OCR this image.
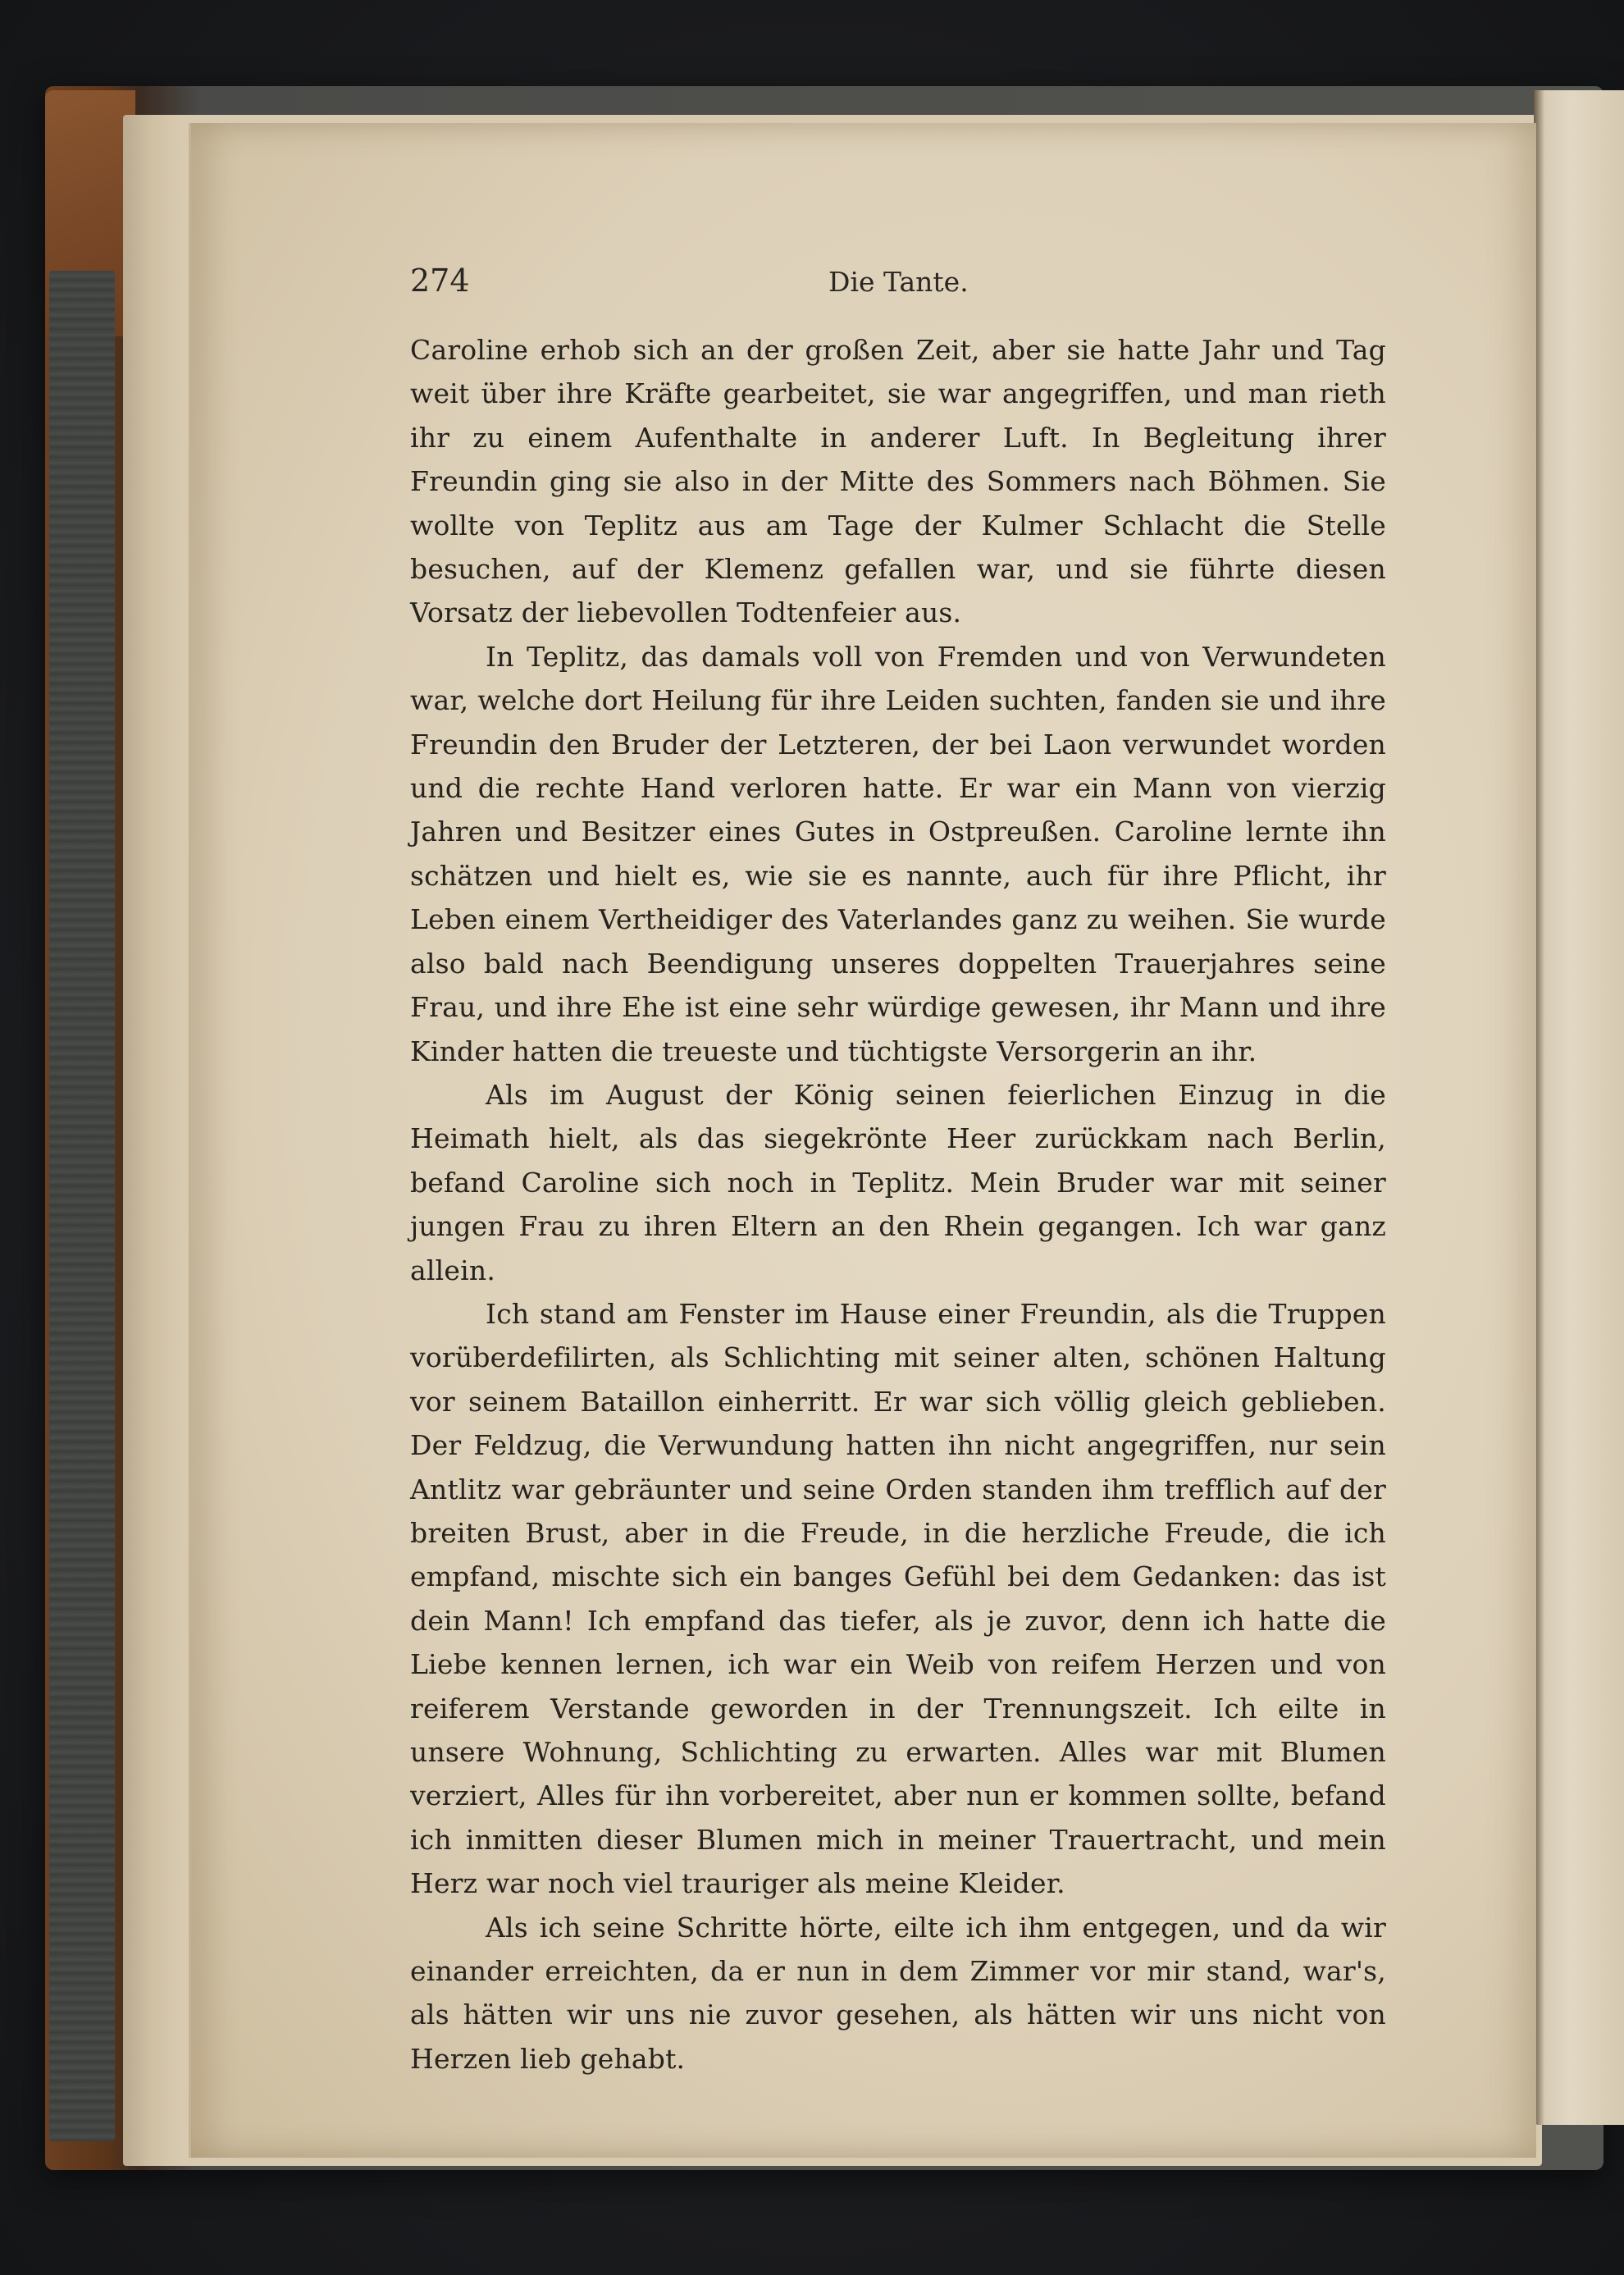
274	Die Tante.

Caroline erhob sich an der großen Zeit, aber sie hatte Jahr und Tag weit über ihre Kräfte gearbeitet, sie war angegriffen, und man rieth ihr zu einem Aufenthalte in anderer Luft. In Begleitung ihrer Freundin ging sie also in der Mitte des Sommers nach Böhmen. Sie wollte von Teplitz aus am Tage der Kulmer Schlacht die Stelle besuchen, auf der Klemenz gefallen war, und sie führte diesen Vorsatz der liebevollen Todtenfeier aus.

In Teplitz, das damals voll von Fremden und von Verwundeten war, welche dort Heilung für ihre Leiden suchten, fanden sie und ihre Freundin den Bruder der Letzteren, der bei Laon verwundet worden und die rechte Hand verloren hatte. Er war ein Mann von vierzig Jahren und Besitzer eines Gutes in Ostpreußen. Caroline lernte ihn schätzen und hielt es, wie sie es nannte, auch für ihre Pflicht, ihr Leben einem Vertheidiger des Vaterlandes ganz zu weihen. Sie wurde also bald nach Beendigung unseres doppelten Trauerjahres seine Frau, und ihre Ehe ist eine sehr würdige gewesen, ihr Mann und ihre Kinder hatten die treueste und tüchtigste Versorgerin an ihr.

Als im August der König seinen feierlichen Einzug in die Heimath hielt, als das siegekrönte Heer zurückkam nach Berlin, befand Caroline sich noch in Teplitz. Mein Bruder war mit seiner jungen Frau zu ihren Eltern an den Rhein gegangen. Ich war ganz allein.

Ich stand am Fenster im Hause einer Freundin, als die Truppen vorüberdefilirten, als Schlichting mit seiner alten, schönen Haltung vor seinem Bataillon einherritt. Er war sich völlig gleich geblieben. Der Feldzug, die Verwundung hatten ihn nicht angegriffen, nur sein Antlitz war gebräunter und seine Orden standen ihm trefflich auf der breiten Brust, aber in die Freude, in die herzliche Freude, die ich empfand, mischte sich ein banges Gefühl bei dem Gedanken: das ist dein Mann! Ich empfand das tiefer, als je zuvor, denn ich hatte die Liebe kennen lernen, ich war ein Weib von reifem Herzen und von reiferem Verstande geworden in der Trennungszeit. Ich eilte in unsere Wohnung, Schlichting zu erwarten. Alles war mit Blumen verziert, Alles für ihn vorbereitet, aber nun er kommen sollte, befand ich inmitten dieser Blumen mich in meiner Trauertracht, und mein Herz war noch viel trauriger als meine Kleider.

Als ich seine Schritte hörte, eilte ich ihm entgegen, und da wir einander erreichten, da er nun in dem Zimmer vor mir stand, war's, als hätten wir uns nie zuvor gesehen, als hätten wir uns nicht von Herzen lieb gehabt.
